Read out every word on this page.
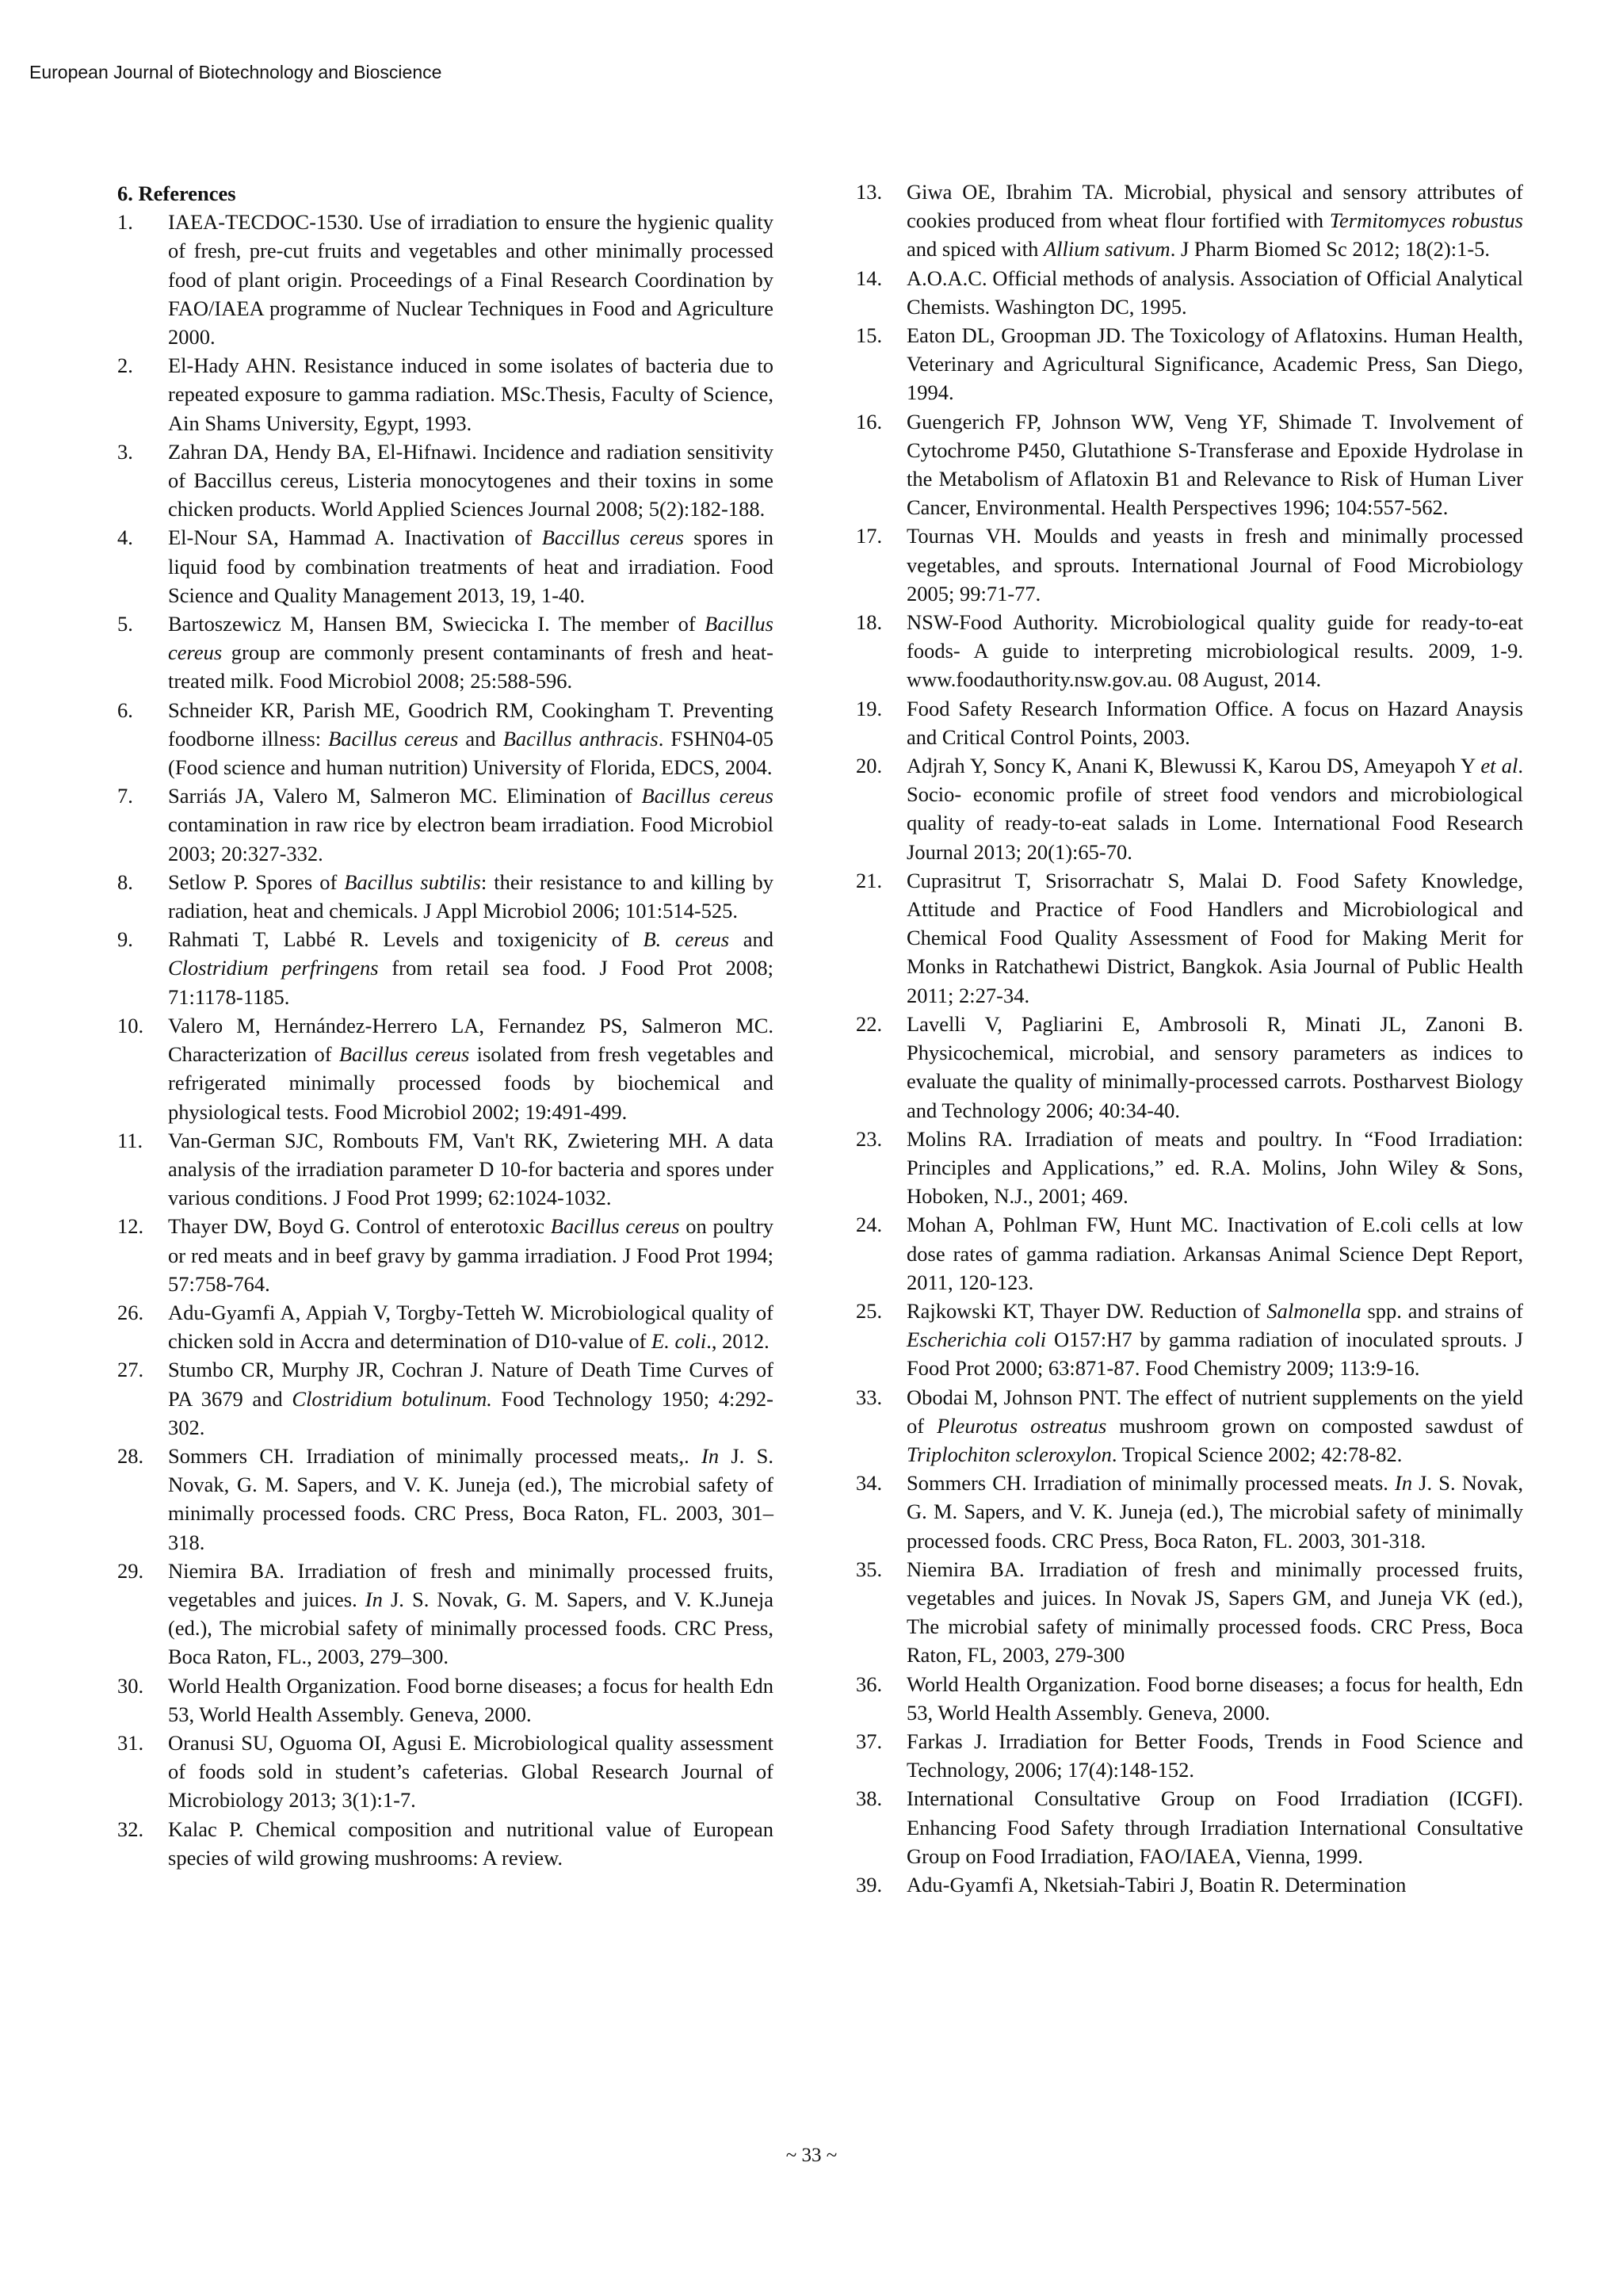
European Journal of Biotechnology and Bioscience
6. References
1. IAEA-TECDOC-1530. Use of irradiation to ensure the hygienic quality of fresh, pre-cut fruits and vegetables and other minimally processed food of plant origin. Proceedings of a Final Research Coordination by FAO/IAEA programme of Nuclear Techniques in Food and Agriculture 2000.
2. El-Hady AHN. Resistance induced in some isolates of bacteria due to repeated exposure to gamma radiation. MSc.Thesis, Faculty of Science, Ain Shams University, Egypt, 1993.
3. Zahran DA, Hendy BA, El-Hifnawi. Incidence and radiation sensitivity of Baccillus cereus, Listeria monocytogenes and their toxins in some chicken products. World Applied Sciences Journal 2008; 5(2):182-188.
4. El-Nour SA, Hammad A. Inactivation of Baccillus cereus spores in liquid food by combination treatments of heat and irradiation. Food Science and Quality Management 2013, 19, 1-40.
5. Bartoszewicz M, Hansen BM, Swiecicka I. The member of Bacillus cereus group are commonly present contaminants of fresh and heat-treated milk. Food Microbiol 2008; 25:588-596.
6. Schneider KR, Parish ME, Goodrich RM, Cookingham T. Preventing foodborne illness: Bacillus cereus and Bacillus anthracis. FSHN04-05 (Food science and human nutrition) University of Florida, EDCS, 2004.
7. Sarriás JA, Valero M, Salmeron MC. Elimination of Bacillus cereus contamination in raw rice by electron beam irradiation. Food Microbiol 2003; 20:327-332.
8. Setlow P. Spores of Bacillus subtilis: their resistance to and killing by radiation, heat and chemicals. J Appl Microbiol 2006; 101:514-525.
9. Rahmati T, Labbé R. Levels and toxigenicity of B. cereus and Clostridium perfringens from retail sea food. J Food Prot 2008; 71:1178-1185.
10. Valero M, Hernández-Herrero LA, Fernandez PS, Salmeron MC. Characterization of Bacillus cereus isolated from fresh vegetables and refrigerated minimally processed foods by biochemical and physiological tests. Food Microbiol 2002; 19:491-499.
11. Van-German SJC, Rombouts FM, Van't RK, Zwietering MH. A data analysis of the irradiation parameter D 10-for bacteria and spores under various conditions. J Food Prot 1999; 62:1024-1032.
12. Thayer DW, Boyd G. Control of enterotoxic Bacillus cereus on poultry or red meats and in beef gravy by gamma irradiation. J Food Prot 1994; 57:758-764.
26. Adu-Gyamfi A, Appiah V, Torgby-Tetteh W. Microbiological quality of chicken sold in Accra and determination of D10-value of E. coli., 2012.
27. Stumbo CR, Murphy JR, Cochran J. Nature of Death Time Curves of PA 3679 and Clostridium botulinum. Food Technology 1950; 4:292-302.
28. Sommers CH. Irradiation of minimally processed meats,. In J. S. Novak, G. M. Sapers, and V. K. Juneja (ed.), The microbial safety of minimally processed foods. CRC Press, Boca Raton, FL. 2003, 301–318.
29. Niemira BA. Irradiation of fresh and minimally processed fruits, vegetables and juices. In J. S. Novak, G. M. Sapers, and V. K.Juneja (ed.), The microbial safety of minimally processed foods. CRC Press, Boca Raton, FL., 2003, 279–300.
30. World Health Organization. Food borne diseases; a focus for health Edn 53, World Health Assembly. Geneva, 2000.
31. Oranusi SU, Oguoma OI, Agusi E. Microbiological quality assessment of foods sold in student’s cafeterias. Global Research Journal of Microbiology 2013; 3(1):1-7.
32. Kalac P. Chemical composition and nutritional value of European species of wild growing mushrooms: A review.
13. Giwa OE, Ibrahim TA. Microbial, physical and sensory attributes of cookies produced from wheat flour fortified with Termitomyces robustus and spiced with Allium sativum. J Pharm Biomed Sc 2012; 18(2):1-5.
14. A.O.A.C. Official methods of analysis. Association of Official Analytical Chemists. Washington DC, 1995.
15. Eaton DL, Groopman JD. The Toxicology of Aflatoxins. Human Health, Veterinary and Agricultural Significance, Academic Press, San Diego, 1994.
16. Guengerich FP, Johnson WW, Veng YF, Shimade T. Involvement of Cytochrome P450, Glutathione S-Transferase and Epoxide Hydrolase in the Metabolism of Aflatoxin B1 and Relevance to Risk of Human Liver Cancer, Environmental. Health Perspectives 1996; 104:557-562.
17. Tournas VH. Moulds and yeasts in fresh and minimally processed vegetables, and sprouts. International Journal of Food Microbiology 2005; 99:71-77.
18. NSW-Food Authority. Microbiological quality guide for ready-to-eat foods- A guide to interpreting microbiological results. 2009, 1-9. www.foodauthority.nsw.gov.au. 08 August, 2014.
19. Food Safety Research Information Office. A focus on Hazard Anaysis and Critical Control Points, 2003.
20. Adjrah Y, Soncy K, Anani K, Blewussi K, Karou DS, Ameyapoh Y et al. Socio- economic profile of street food vendors and microbiological quality of ready-to-eat salads in Lome. International Food Research Journal 2013; 20(1):65-70.
21. Cuprasitrut T, Srisorrachatr S, Malai D. Food Safety Knowledge, Attitude and Practice of Food Handlers and Microbiological and Chemical Food Quality Assessment of Food for Making Merit for Monks in Ratchathewi District, Bangkok. Asia Journal of Public Health 2011; 2:27-34.
22. Lavelli V, Pagliarini E, Ambrosoli R, Minati JL, Zanoni B. Physicochemical, microbial, and sensory parameters as indices to evaluate the quality of minimally-processed carrots. Postharvest Biology and Technology 2006; 40:34-40.
23. Molins RA. Irradiation of meats and poultry. In “Food Irradiation: Principles and Applications,” ed. R.A. Molins, John Wiley & Sons, Hoboken, N.J., 2001; 469.
24. Mohan A, Pohlman FW, Hunt MC. Inactivation of E.coli cells at low dose rates of gamma radiation. Arkansas Animal Science Dept Report, 2011, 120-123.
25. Rajkowski KT, Thayer DW. Reduction of Salmonella spp. and strains of Escherichia coli O157:H7 by gamma radiation of inoculated sprouts. J Food Prot 2000; 63:871-87. Food Chemistry 2009; 113:9-16.
33. Obodai M, Johnson PNT. The effect of nutrient supplements on the yield of Pleurotus ostreatus mushroom grown on composted sawdust of Triplochiton scleroxylon. Tropical Science 2002; 42:78-82.
34. Sommers CH. Irradiation of minimally processed meats. In J. S. Novak, G. M. Sapers, and V. K. Juneja (ed.), The microbial safety of minimally processed foods. CRC Press, Boca Raton, FL. 2003, 301-318.
35. Niemira BA. Irradiation of fresh and minimally processed fruits, vegetables and juices. In Novak JS, Sapers GM, and Juneja VK (ed.), The microbial safety of minimally processed foods. CRC Press, Boca Raton, FL, 2003, 279-300
36. World Health Organization. Food borne diseases; a focus for health, Edn 53, World Health Assembly. Geneva, 2000.
37. Farkas J. Irradiation for Better Foods, Trends in Food Science and Technology, 2006; 17(4):148-152.
38. International Consultative Group on Food Irradiation (ICGFI). Enhancing Food Safety through Irradiation International Consultative Group on Food Irradiation, FAO/IAEA, Vienna, 1999.
39. Adu-Gyamfi A, Nketsiah-Tabiri J, Boatin R. Determination
~ 33 ~
